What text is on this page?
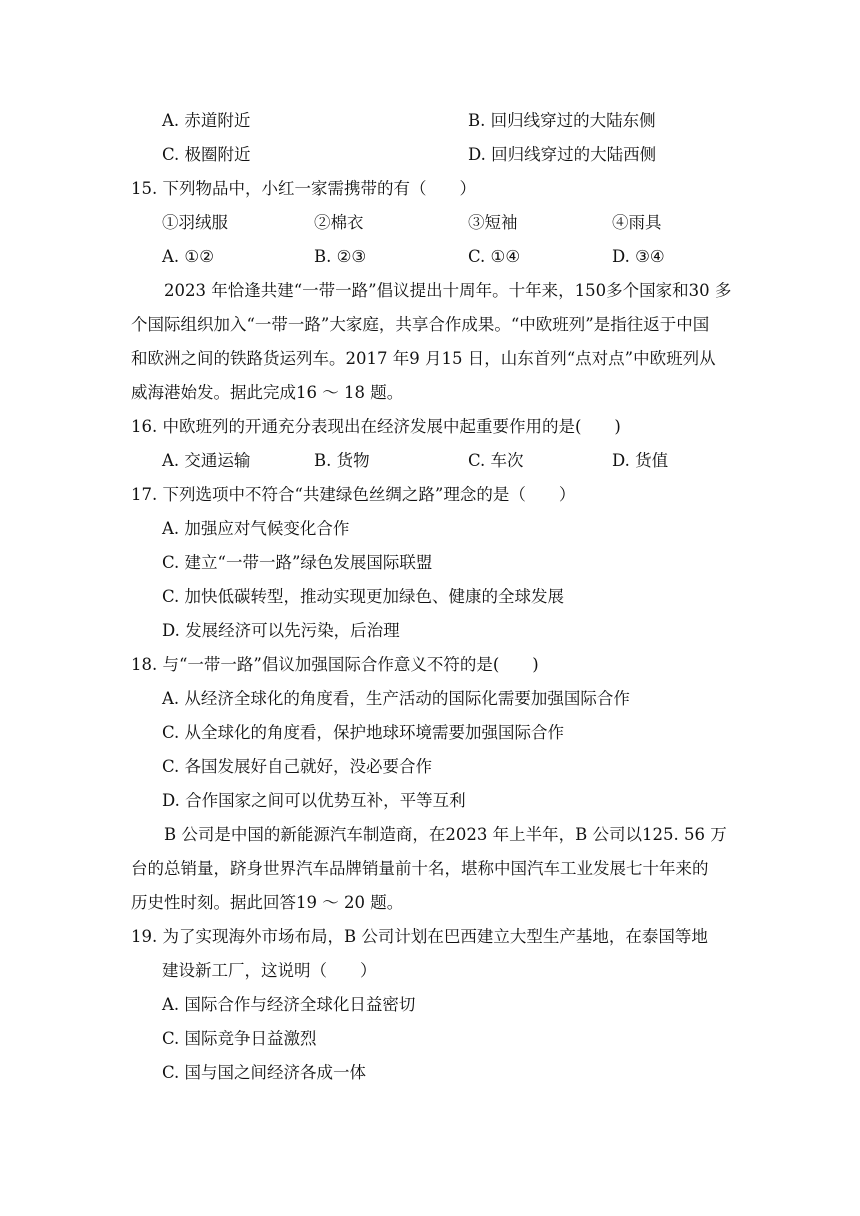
A. 赤道附近	B. 回归线穿过的大陆东侧
C. 极圈附近	D. 回归线穿过的大陆西侧
15. 下列物品中，小红一家需携带的有（　　）
①羽绒服	②棉衣	③短袖	④雨具
A. ①②	B. ②③	C. ①④	D. ③④
2023 年恰逢共建“一带一路”倡议提出十周年。十年来，150多个国家和30 多
个国际组织加入“一带一路”大家庭，共享合作成果。“中欧班列”是指往返于中国
和欧洲之间的铁路货运列车。2017 年9 月15 日，山东首列“点对点”中欧班列从
威海港始发。据此完成16 ～ 18 题。
16. 中欧班列的开通充分表现出在经济发展中起重要作用的是(　　)
A. 交通运输	B. 货物	C. 车次	D. 货值
17. 下列选项中不符合“共建绿色丝绸之路”理念的是（　　）
A. 加强应对气候变化合作
C. 建立“一带一路”绿色发展国际联盟
C. 加快低碳转型，推动实现更加绿色、健康的全球发展
D. 发展经济可以先污染，后治理
18. 与“一带一路”倡议加强国际合作意义不符的是(　　)
A. 从经济全球化的角度看，生产活动的国际化需要加强国际合作
C. 从全球化的角度看，保护地球环境需要加强国际合作
C. 各国发展好自己就好，没必要合作
D. 合作国家之间可以优势互补，平等互利
B 公司是中国的新能源汽车制造商，在2023 年上半年，B 公司以125. 56 万
台的总销量，跻身世界汽车品牌销量前十名，堪称中国汽车工业发展七十年来的
历史性时刻。据此回答19 ～ 20 题。
19. 为了实现海外市场布局，B 公司计划在巴西建立大型生产基地，在泰国等地
建设新工厂，这说明（　　）
A. 国际合作与经济全球化日益密切
C. 国际竞争日益激烈
C. 国与国之间经济各成一体
